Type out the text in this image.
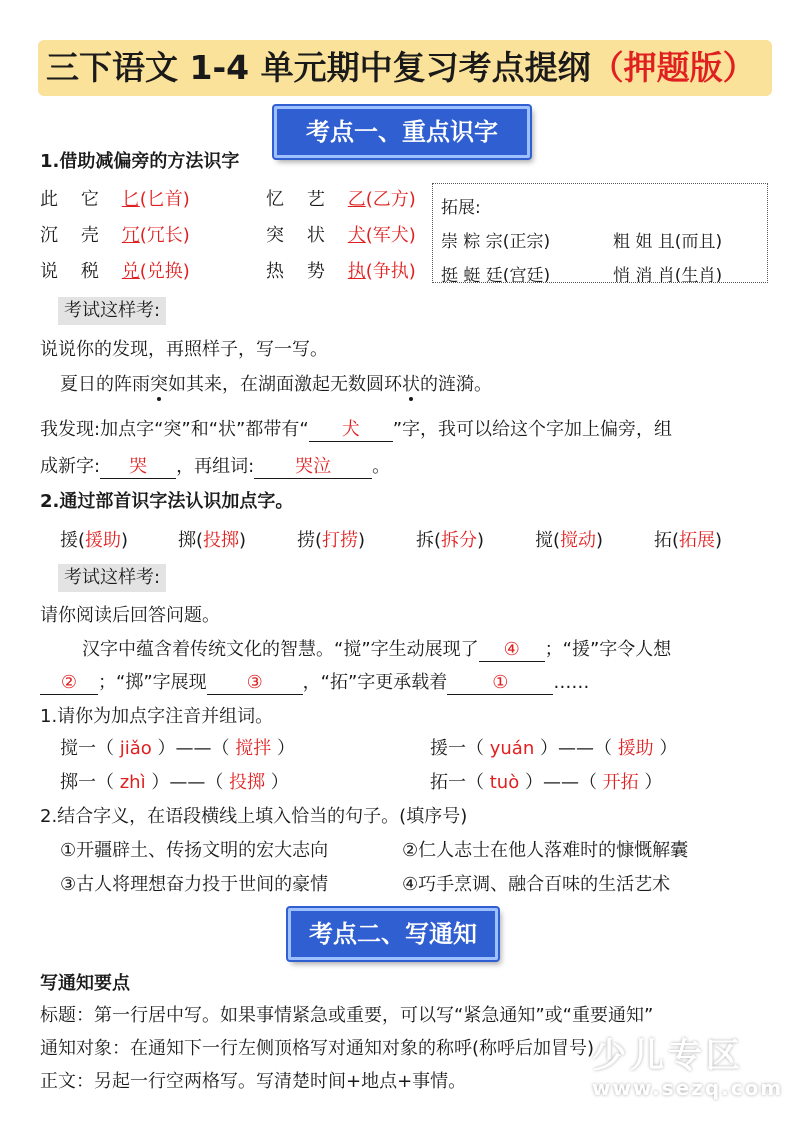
三下语文 1-4 单元期中复习考点提纲（押题版）
考点一、重点识字
1.借助减偏旁的方法识字
此 它 匕(匕首)	忆 艺 乙(乙方)
沉 壳 冗(冗长)	突 状 犬(军犬)
说 税 兑(兑换)	热 势 执(争执)
拓展:
崇 粽 宗(正宗)	粗 姐 且(而且)
挺 蜓 廷(宫廷)	悄 消 肖(生肖)
考试这样考:
说说你的发现，再照样子，写一写。
夏日的阵雨突如其来，在湖面激起无数圆环状的涟漪。
我发现:加点字“突”和“状”都带有“ 犬 ”字，我可以给这个字加上偏旁，组
成新字: 哭 ，再组词: 哭泣 。
2.通过部首识字法认识加点字。
援(援助)	掷(投掷)	捞(打捞)	拆(拆分)	搅(搅动)	拓(拓展)
考试这样考:
请你阅读后回答问题。
汉字中蕴含着传统文化的智慧。“搅”字生动展现了 ④ ；“援”字令人想
② ；“掷”字展现 ③ ，“拓”字更承载着 ① ……
1.请你为加点字注音并组词。
搅一（ jiǎo ）——（ 搅拌 ）	援一（ yuán ）——（ 援助 ）
掷一（ zhì ）——（ 投掷 ）	拓一（ tuò ）——（ 开拓 ）
2.结合字义，在语段横线上填入恰当的句子。(填序号)
①开疆辟土、传扬文明的宏大志向	②仁人志士在他人落难时的慷慨解囊
③古人将理想奋力投于世间的豪情	④巧手烹调、融合百味的生活艺术
考点二、写通知
写通知要点
标题：第一行居中写。如果事情紧急或重要，可以写“紧急通知”或“重要通知”
通知对象：在通知下一行左侧顶格写对通知对象的称呼(称呼后加冒号)
正文：另起一行空两格写。写清楚时间+地点+事情。
少儿专区
www.sezq.com
